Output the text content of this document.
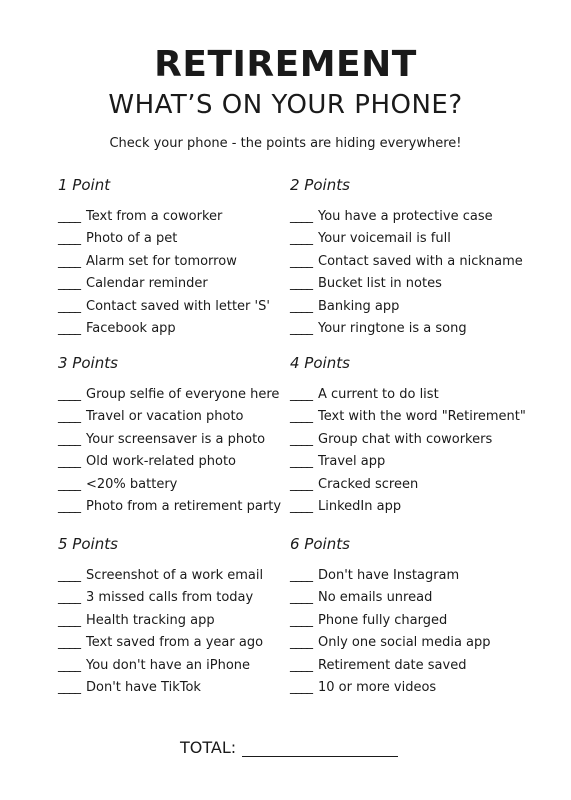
RETIREMENT
WHAT’S ON YOUR PHONE?
Check your phone - the points are hiding everywhere!
1 Point
____ Text from a coworker
____ Photo of a pet
____ Alarm set for tomorrow
____ Calendar reminder
____ Contact saved with letter 'S'
____ Facebook app
2 Points
____ You have a protective case
____ Your voicemail is full
____ Contact saved with a nickname
____ Bucket list in notes
____ Banking app
____ Your ringtone is a song
3 Points
____ Group selfie of everyone here
____ Travel or vacation photo
____ Your screensaver is a photo
____ Old work-related photo
____ <20% battery
____ Photo from a retirement party
4 Points
____ A current to do list
____ Text with the word "Retirement"
____ Group chat with coworkers
____ Travel app
____ Cracked screen
____ LinkedIn app
5 Points
____ Screenshot of a work email
____ 3 missed calls from today
____ Health tracking app
____ Text saved from a year ago
____ You don't have an iPhone
____ Don't have TikTok
6 Points
____ Don't have Instagram
____ No emails unread
____ Phone fully charged
____ Only one social media app
____ Retirement date saved
____ 10 or more videos
TOTAL:
